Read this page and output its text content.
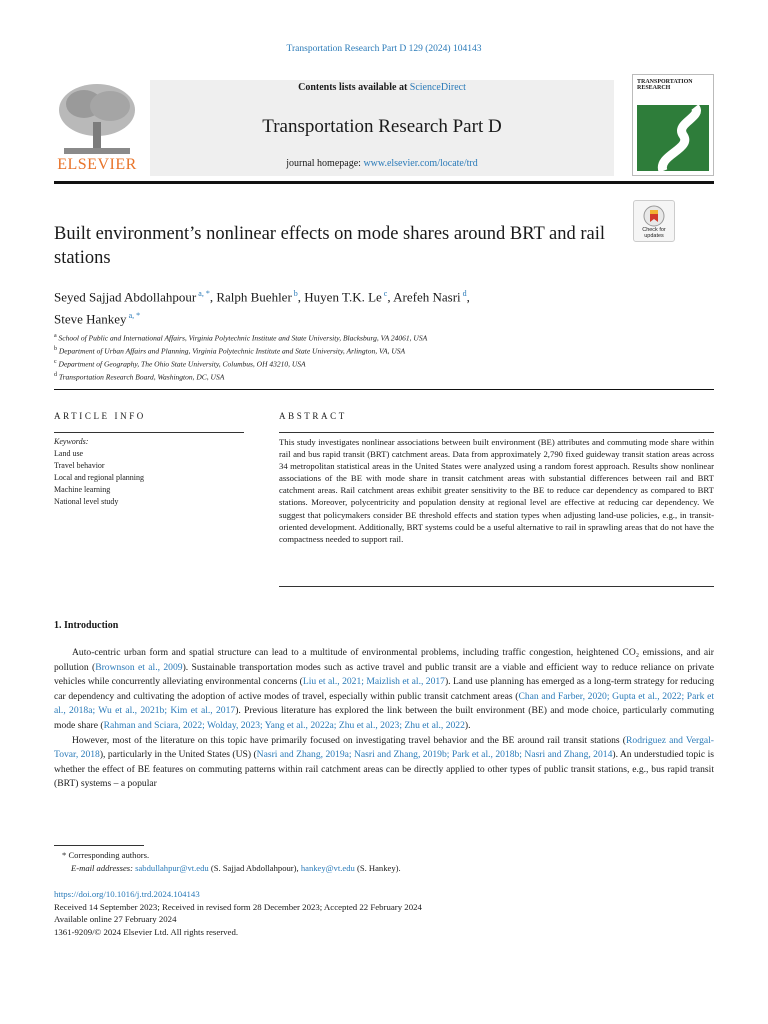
Transportation Research Part D 129 (2024) 104143
ELSEVIER
Contents lists available at ScienceDirect
Transportation Research Part D
journal homepage: www.elsevier.com/locate/trd
TRANSPORTATION RESEARCH
Check for updates
Built environment’s nonlinear effects on mode shares around BRT and rail stations
Seyed Sajjad Abdollahpour $^{a, *}$, Ralph Buehler $^b$, Huyen T.K. Le $^c$, Arefeh Nasri $^d$,
Steve Hankey $^{a, *}$
$^a$ School of Public and International Affairs, Virginia Polytechnic Institute and State University, Blacksburg, VA 24061, USA
$^b$ Department of Urban Affairs and Planning, Virginia Polytechnic Institute and State University, Arlington, VA, USA
$^c$ Department of Geography, The Ohio State University, Columbus, OH 43210, USA
$^d$ Transportation Research Board, Washington, DC, USA
ARTICLE INFO	ABSTRACT
Keywords:
Land use
Travel behavior
Local and regional planning
Machine learning
National level study
This study investigates nonlinear associations between built environment (BE) attributes and commuting mode share within rail and bus rapid transit (BRT) catchment areas. Data from approximately 2,790 fixed guideway transit station areas across 34 metropolitan statistical areas in the United States were analyzed using a random forest approach. Results show nonlinear associations of the BE with mode share in transit catchment areas with substantial differences between rail and BRT catchment areas. Rail catchment areas exhibit greater sensitivity to the BE to reduce car dependency as compared to BRT stations. Moreover, polycentricity and population density at regional level are effective at reducing car dependency. We suggest that policymakers consider BE threshold effects and station types when adjusting land-use policies, e.g., in transit-oriented development. Additionally, BRT systems could be a useful alternative to rail in sprawling areas that do not have the compactness needed to support rail.
1. Introduction

Auto-centric urban form and spatial structure can lead to a multitude of environmental problems, including traffic congestion, heightened CO₂ emissions, and air pollution (Brownson et al., 2009). Sustainable transportation modes such as active travel and public transit are a viable and efficient way to reduce reliance on private vehicles while concurrently alleviating environmental concerns (Liu et al., 2021; Maizlish et al., 2017). Land use planning has emerged as a long-term strategy for reducing car dependency and cultivating the adoption of active modes of travel, especially within public transit catchment areas (Chan and Farber, 2020; Gupta et al., 2022; Park et al., 2018a; Wu et al., 2021b; Kim et al., 2017). Previous literature has explored the link between the built environment (BE) and mode choice, particularly commuting mode share (Rahman and Sciara, 2022; Wolday, 2023; Yang et al., 2022a; Zhu et al., 2023; Zhu et al., 2022).

However, most of the literature on this topic have primarily focused on investigating travel behavior and the BE around rail transit stations (Rodriguez and Vergal-Tovar, 2018), particularly in the United States (US) (Nasri and Zhang, 2019a; Nasri and Zhang, 2019b; Park et al., 2018b; Nasri and Zhang, 2014). An understudied topic is whether the effect of BE features on commuting patterns within rail catchment areas can be directly applied to other types of public transit stations, e.g., bus rapid transit (BRT) systems – a popular

* Corresponding authors.
E-mail addresses: sabdullahpur@vt.edu (S. Sajjad Abdollahpour), hankey@vt.edu (S. Hankey).
https://doi.org/10.1016/j.trd.2024.104143
Received 14 September 2023; Received in revised form 28 December 2023; Accepted 22 February 2024
Available online 27 February 2024
1361-9209/© 2024 Elsevier Ltd. All rights reserved.
